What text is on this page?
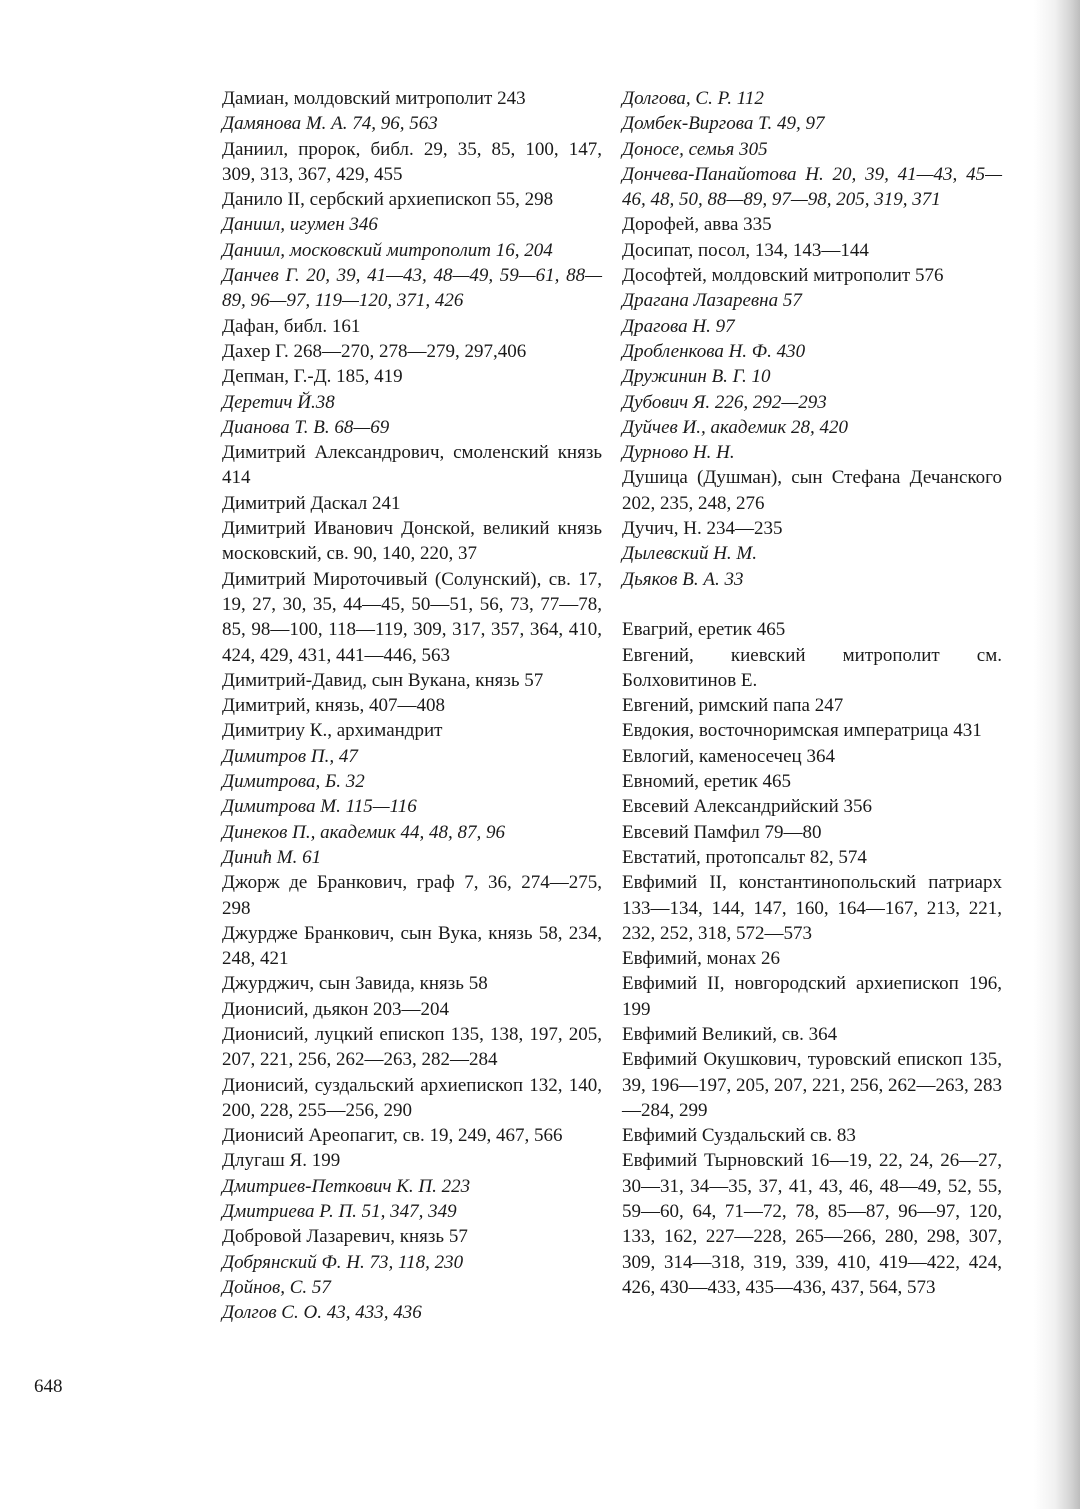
Дамиан, молдовский митрополит 243
Дамянова М. А. 74, 96, 563
Даниил, пророк, библ. 29, 35, 85, 100, 147, 309, 313, 367, 429, 455
Данило II, сербский архиепископ 55, 298
Даниил, игумен 346
Даниил, московский митрополит 16, 204
Данчев Г. 20, 39, 41—43, 48—49, 59—61, 88—89, 96—97, 119—120, 371, 426
Дафан, библ. 161
Дахер Г. 268—270, 278—279, 297,406
Депман, Г.-Д. 185, 419
Деретич Й.38
Дианова Т. В. 68—69
Димитрий Александрович, смоленский князь 414
Димитрий Даскал 241
Димитрий Иванович Донской, великий князь московский, св. 90, 140, 220, 37
Димитрий Мироточивый (Солунский), св. 17, 19, 27, 30, 35, 44—45, 50—51, 56, 73, 77—78, 85, 98—100, 118—119, 309, 317, 357, 364, 410, 424, 429, 431, 441—446, 563
Димитрий-Давид, сын Вукана, князь 57
Димитрий, князь, 407—408
Димитриу К., архимандрит
Димитров П., 47
Димитрова, Б. 32
Димитрова М. 115—116
Динеков П., академик 44, 48, 87, 96
Динић М. 61
Джорж де Бранкович, граф 7, 36, 274—275, 298
Джурдже Бранкович, сын Вука, князь 58, 234, 248, 421
Джурджич, сын Завида, князь 58
Дионисий, дьякон 203—204
Дионисий, луцкий епископ 135, 138, 197, 205, 207, 221, 256, 262—263, 282—284
Дионисий, суздальский архиепископ 132, 140, 200, 228, 255—256, 290
Дионисий Ареопагит, св. 19, 249, 467, 566
Длугаш Я. 199
Дмитриев-Петкович К. П. 223
Дмитриева Р. П. 51, 347, 349
Добровой Лазаревич, князь 57
Добрянский Ф. Н. 73, 118, 230
Дойнов, С. 57
Долгов С. О. 43, 433, 436
Долгова, С. Р. 112
Домбек-Виргова Т. 49, 97
Доносе, семья 305
Дончева-Панайотова Н. 20, 39, 41—43, 45—46, 48, 50, 88—89, 97—98, 205, 319, 371
Дорофей, авва 335
Досипат, посол, 134, 143—144
Дософтей, молдовский митрополит 576
Драгана Лазаревна 57
Драгова Н. 97
Дробленкова Н. Ф. 430
Дружинин В. Г. 10
Дубович Я. 226, 292—293
Дуйчев И., академик 28, 420
Дурново Н. Н.
Душица (Душман), сын Стефана Дечанского 202, 235, 248, 276
Дучич, Н. 234—235
Дылевский Н. М.
Дьяков В. А. 33
Евагрий, еретик 465
Евгений, киевский митрополит см. Болховитинов Е.
Евгений, римский папа 247
Евдокия, восточноримская императрица 431
Евлогий, каменосечец 364
Евномий, еретик 465
Евсевий Александрийский 356
Евсевий Памфил 79—80
Евстатий, протопсальт 82, 574
Евфимий II, константинопольский патриарх 133—134, 144, 147, 160, 164—167, 213, 221, 232, 252, 318, 572—573
Евфимий, монах 26
Евфимий II, новгородский архиепископ 196, 199
Евфимий Великий, св. 364
Евфимий Окушкович, туровский епископ 135, 39, 196—197, 205, 207, 221, 256, 262—263, 283—284, 299
Евфимий Суздальский св. 83
Евфимий Тырновский 16—19, 22, 24, 26—27, 30—31, 34—35, 37, 41, 43, 46, 48—49, 52, 55, 59—60, 64, 71—72, 78, 85—87, 96—97, 120, 133, 162, 227—228, 265—266, 280, 298, 307, 309, 314—318, 319, 339, 410, 419—422, 424, 426, 430—433, 435—436, 437, 564, 573
648
